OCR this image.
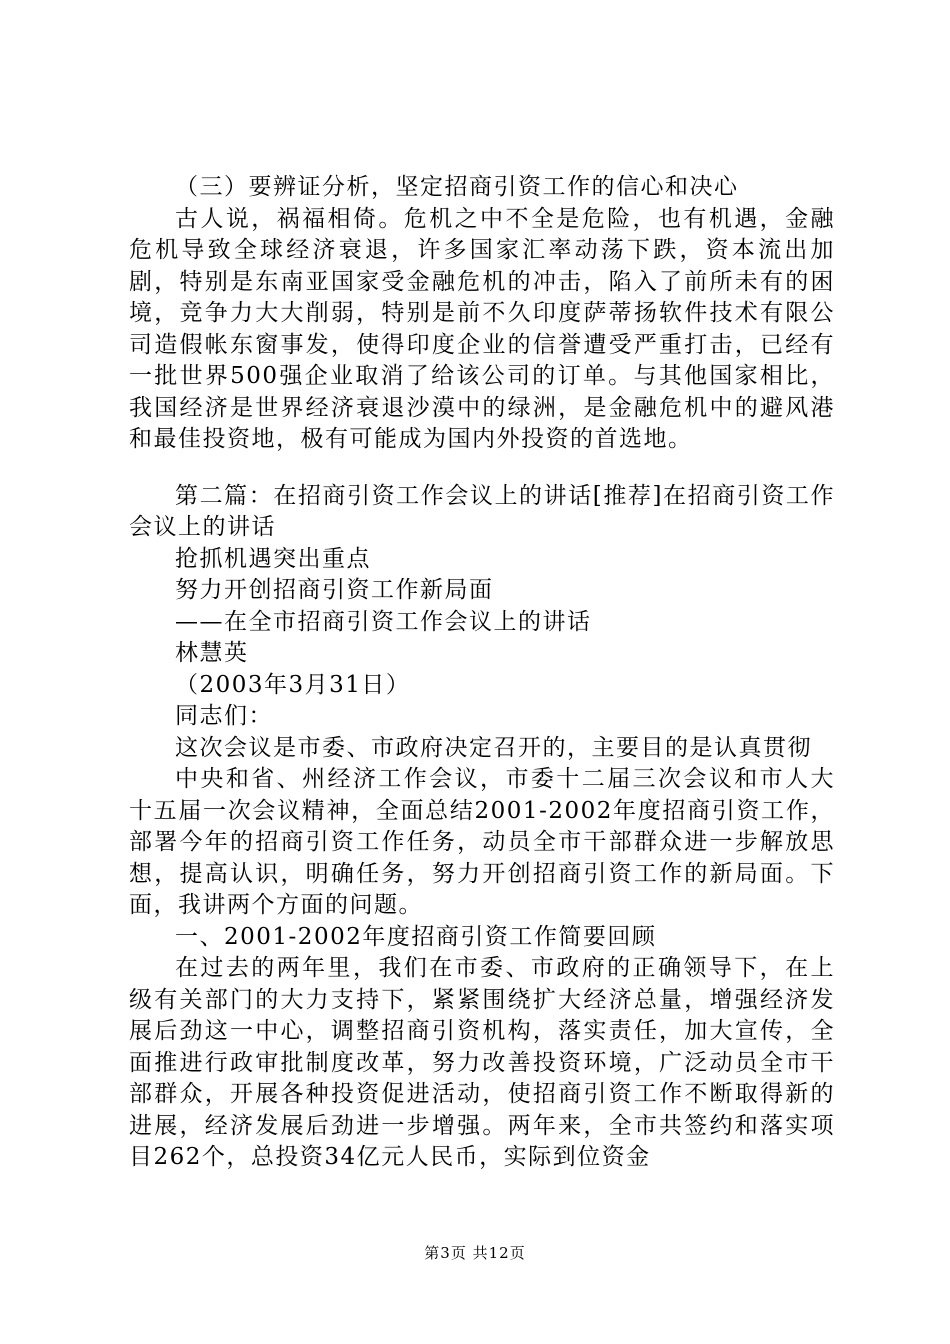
（三）要辨证分析，坚定招商引资工作的信心和决心

古人说，祸福相倚。危机之中不全是危险，也有机遇，金融危机导致全球经济衰退，许多国家汇率动荡下跌，资本流出加剧，特别是东南亚国家受金融危机的冲击，陷入了前所未有的困境，竞争力大大削弱，特别是前不久印度萨蒂扬软件技术有限公司造假帐东窗事发，使得印度企业的信誉遭受严重打击，已经有一批世界500强企业取消了给该公司的订单。与其他国家相比，我国经济是世界经济衰退沙漠中的绿洲，是金融危机中的避风港和最佳投资地，极有可能成为国内外投资的首选地。

第二篇：在招商引资工作会议上的讲话[推荐]在招商引资工作会议上的讲话

抢抓机遇突出重点

努力开创招商引资工作新局面

——在全市招商引资工作会议上的讲话

林慧英

（2003年3月31日）

同志们：

这次会议是市委、市政府决定召开的，主要目的是认真贯彻

中央和省、州经济工作会议，市委十二届三次会议和市人大十五届一次会议精神，全面总结2001-2002年度招商引资工作，部署今年的招商引资工作任务，动员全市干部群众进一步解放思想，提高认识，明确任务，努力开创招商引资工作的新局面。下面，我讲两个方面的问题。

一、2001-2002年度招商引资工作简要回顾

在过去的两年里，我们在市委、市政府的正确领导下，在上级有关部门的大力支持下，紧紧围绕扩大经济总量，增强经济发展后劲这一中心，调整招商引资机构，落实责任，加大宣传，全面推进行政审批制度改革，努力改善投资环境，广泛动员全市干部群众，开展各种投资促进活动，使招商引资工作不断取得新的进展，经济发展后劲进一步增强。两年来，全市共签约和落实项目262个，总投资34亿元人民币，实际到位资金

第3页 共12页
